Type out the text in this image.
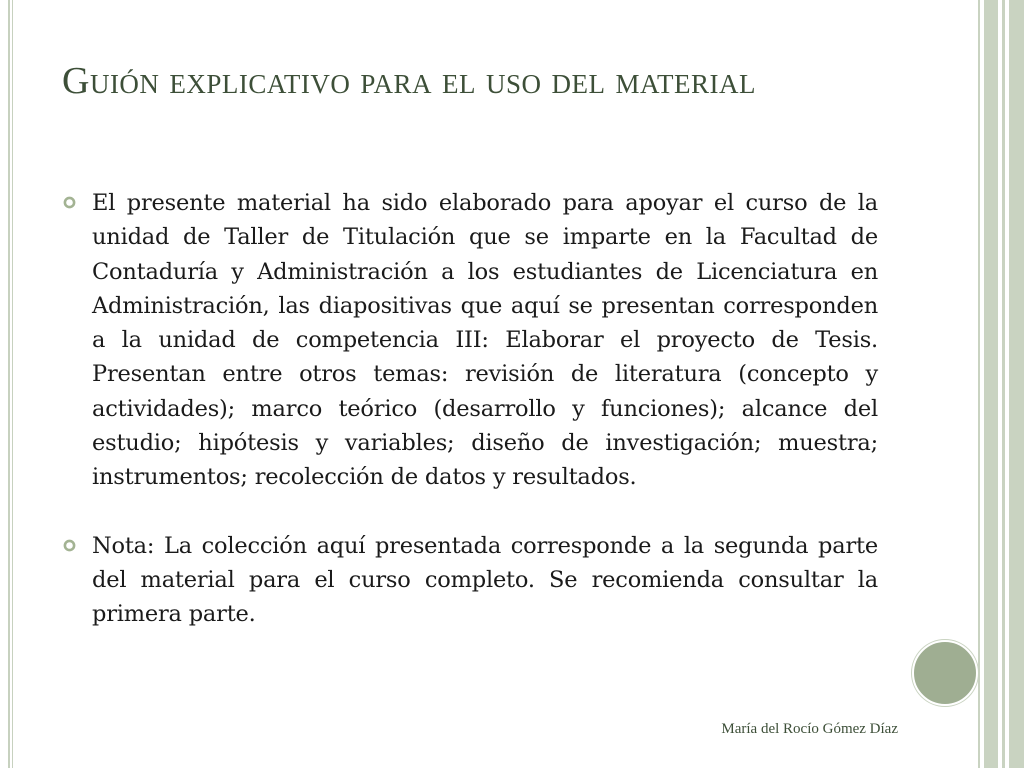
Guión explicativo para el uso del material

El presente material ha sido elaborado para apoyar el curso de la unidad de Taller de Titulación que se imparte en la Facultad de Contaduría y Administración a los estudiantes de Licenciatura en Administración, las diapositivas que aquí se presentan corresponden a la unidad de competencia III: Elaborar el proyecto de Tesis. Presentan entre otros temas: revisión de literatura (concepto y actividades); marco teórico (desarrollo y funciones); alcance del estudio; hipótesis y variables; diseño de investigación; muestra; instrumentos; recolección de datos y resultados.

Nota: La colección aquí presentada corresponde a la segunda parte del material para el curso completo. Se recomienda consultar la primera parte.

María del Rocío Gómez Díaz
